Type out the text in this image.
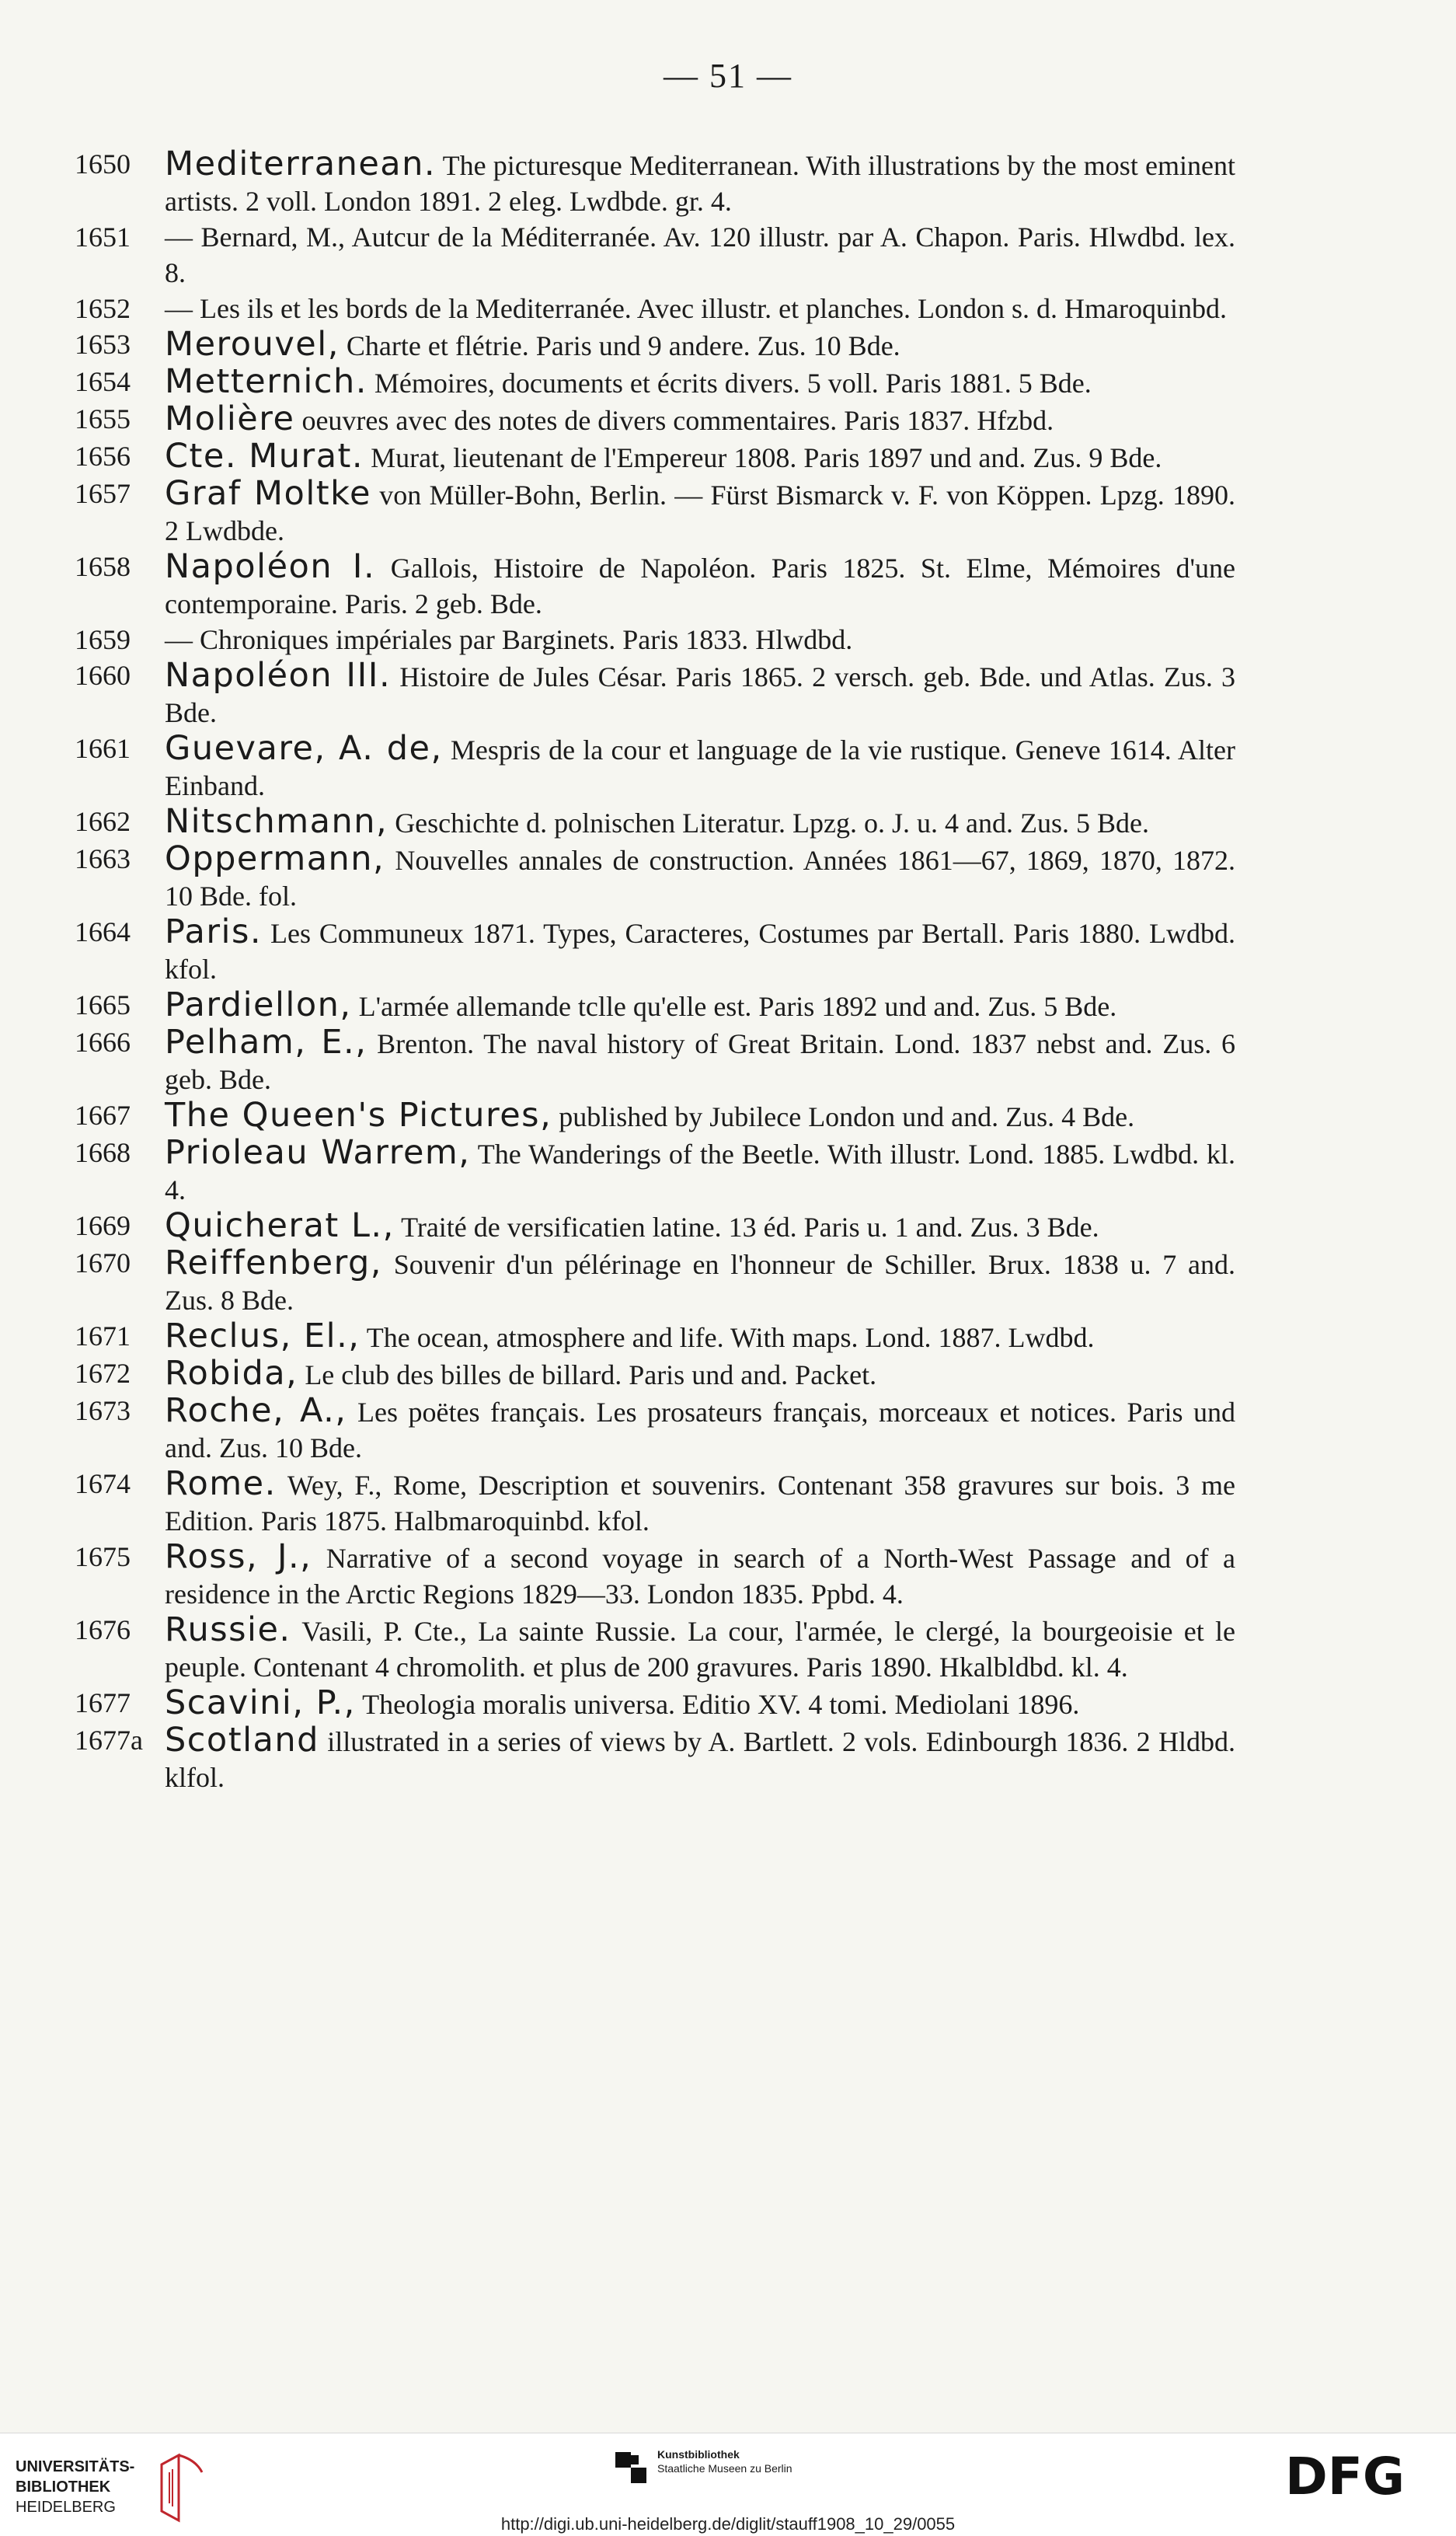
— 51 —
1650 Mediterranean. The picturesque Mediterranean. With illustrations by the most eminent artists. 2 voll. London 1891. 2 eleg. Lwdbde. gr. 4.
1651 — Bernard, M., Autcur de la Méditerranée. Av. 120 illustr. par A. Chapon. Paris. Hlwdbd. lex. 8.
1652 — Les ils et les bords de la Mediterranée. Avec illustr. et planches. London s. d. Hmaroquinbd.
1653 Merouvel, Charte et flétrie. Paris und 9 andere. Zus. 10 Bde.
1654 Metternich. Mémoires, documents et écrits divers. 5 voll. Paris 1881. 5 Bde.
1655 Molière oeuvres avec des notes de divers commentaires. Paris 1837. Hfzbd.
1656 Cte. Murat. Murat, lieutenant de l'Empereur 1808. Paris 1897 und and. Zus. 9 Bde.
1657 Graf Moltke von Müller-Bohn, Berlin. — Fürst Bismarck v. F. von Köppen. Lpzg. 1890. 2 Lwdbde.
1658 Napoléon I. Gallois, Histoire de Napoléon. Paris 1825. St. Elme, Mémoires d'une contemporaine. Paris. 2 geb. Bde.
1659 — Chroniques impériales par Barginets. Paris 1833. Hlwdbd.
1660 Napoléon III. Histoire de Jules César. Paris 1865. 2 versch. geb. Bde. und Atlas. Zus. 3 Bde.
1661 Guevare, A. de, Mespris de la cour et language de la vie rustique. Geneve 1614. Alter Einband.
1662 Nitschmann, Geschichte d. polnischen Literatur. Lpzg. o. J. u. 4 and. Zus. 5 Bde.
1663 Oppermann, Nouvelles annales de construction. Années 1861—67, 1869, 1870, 1872. 10 Bde. fol.
1664 Paris. Les Communeux 1871. Types, Caracteres, Costumes par Bertall. Paris 1880. Lwdbd. kfol.
1665 Pardiellon, L'armée allemande tclle qu'elle est. Paris 1892 und and. Zus. 5 Bde.
1666 Pelham, E., Brenton. The naval history of Great Britain. Lond. 1837 nebst and. Zus. 6 geb. Bde.
1667 The Queen's Pictures, published by Jubilece London und and. Zus. 4 Bde.
1668 Prioleau Warrem, The Wanderings of the Beetle. With illustr. Lond. 1885. Lwdbd. kl. 4.
1669 Quicherat L., Traité de versificatien latine. 13 éd. Paris u. 1 and. Zus. 3 Bde.
1670 Reiffenberg, Souvenir d'un pélérinage en l'honneur de Schiller. Brux. 1838 u. 7 and. Zus. 8 Bde.
1671 Reclus, El., The ocean, atmosphere and life. With maps. Lond. 1887. Lwdbd.
1672 Robida, Le club des billes de billard. Paris und and. Packet.
1673 Roche, A., Les poëtes français. Les prosateurs français, morceaux et notices. Paris und and. Zus. 10 Bde.
1674 Rome. Wey, F., Rome, Description et souvenirs. Contenant 358 gravures sur bois. 3 me Edition. Paris 1875. Halbmaroquinbd. kfol.
1675 Ross, J., Narrative of a second voyage in search of a North-West Passage and of a residence in the Arctic Regions 1829—33. London 1835. Ppbd. 4.
1676 Russie. Vasili, P. Cte., La sainte Russie. La cour, l'armée, le clergé, la bourgeoisie et le peuple. Contenant 4 chromolith. et plus de 200 gravures. Paris 1890. Hkalbldbd. kl. 4.
1677 Scavini, P., Theologia moralis universa. Editio XV. 4 tomi. Mediolani 1896.
1677a Scotland illustrated in a series of views by A. Bartlett. 2 vols. Edinbourgh 1836. 2 Hldbd. klfol.
UNIVERSITÄTS-
BIBLIOTHEK
HEIDELBERG
Kunstbibliothek
Staatliche Museen zu Berlin	DFG
http://digi.ub.uni-heidelberg.de/diglit/stauff1908_10_29/0055
